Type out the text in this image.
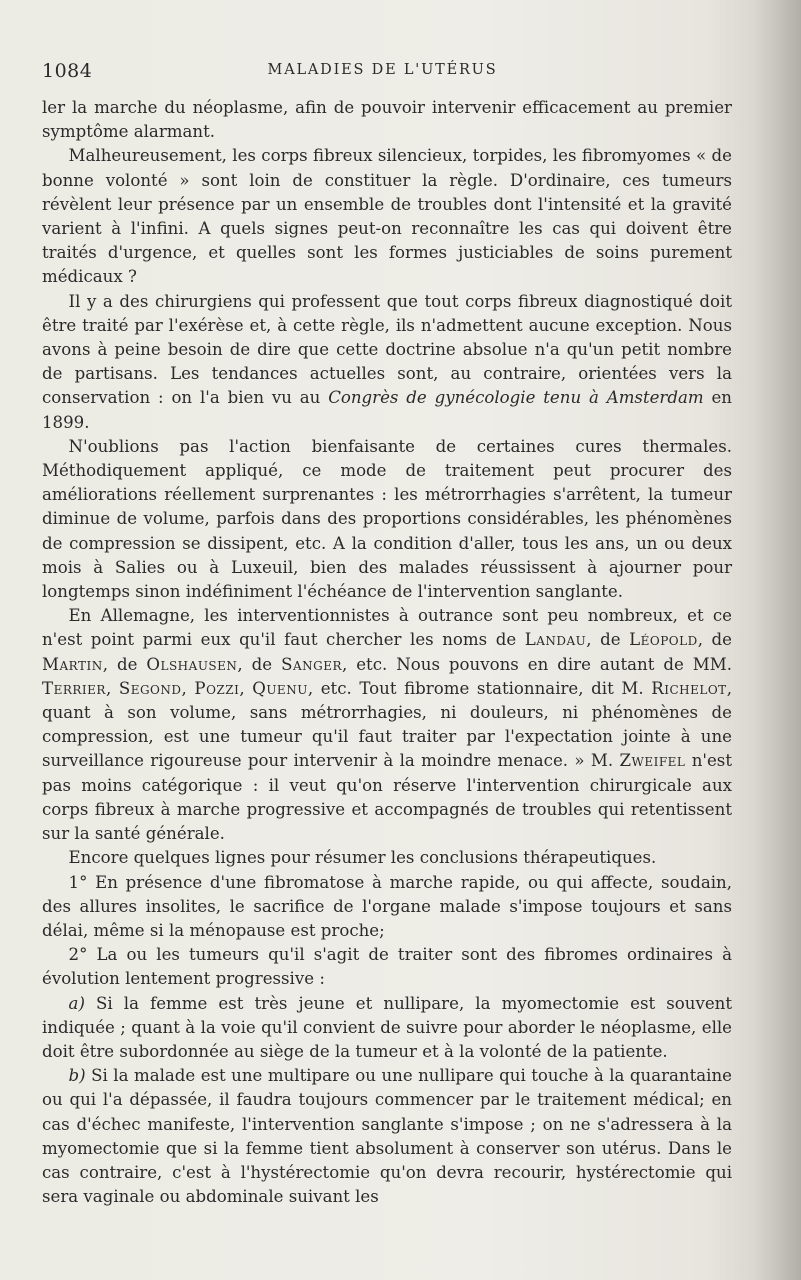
1084	MALADIES DE L'UTÉRUS

ler la marche du néoplasme, afin de pouvoir intervenir efficacement au premier symptôme alarmant.

Malheureusement, les corps fibreux silencieux, torpides, les fibromyomes « de bonne volonté » sont loin de constituer la règle. D'ordinaire, ces tumeurs révèlent leur présence par un ensemble de troubles dont l'intensité et la gravité varient à l'infini. A quels signes peut-on reconnaître les cas qui doivent être traités d'urgence, et quelles sont les formes justiciables de soins purement médicaux ?

Il y a des chirurgiens qui professent que tout corps fibreux diagnostiqué doit être traité par l'exérèse et, à cette règle, ils n'admettent aucune exception. Nous avons à peine besoin de dire que cette doctrine absolue n'a qu'un petit nombre de partisans. Les tendances actuelles sont, au contraire, orientées vers la conservation : on l'a bien vu au Congrès de gynécologie tenu à Amsterdam en 1899.

N'oublions pas l'action bienfaisante de certaines cures thermales. Méthodiquement appliqué, ce mode de traitement peut procurer des améliorations réellement surprenantes : les métrorrhagies s'arrêtent, la tumeur diminue de volume, parfois dans des proportions considérables, les phénomènes de compression se dissipent, etc. A la condition d'aller, tous les ans, un ou deux mois à Salies ou à Luxeuil, bien des malades réussissent à ajourner pour longtemps sinon indéfiniment l'échéance de l'intervention sanglante.

En Allemagne, les interventionnistes à outrance sont peu nombreux, et ce n'est point parmi eux qu'il faut chercher les noms de Landau, de Léopold, de Martin, de Olshausen, de Sanger, etc. Nous pouvons en dire autant de MM. Terrier, Segond, Pozzi, Quenu, etc. Tout fibrome stationnaire, dit M. Richelot, quant à son volume, sans métrorrhagies, ni douleurs, ni phénomènes de compression, est une tumeur qu'il faut traiter par l'expectation jointe à une surveillance rigoureuse pour intervenir à la moindre menace. » M. Zweifel n'est pas moins catégorique : il veut qu'on réserve l'intervention chirurgicale aux corps fibreux à marche progressive et accompagnés de troubles qui retentissent sur la santé générale.

Encore quelques lignes pour résumer les conclusions thérapeutiques.

1° En présence d'une fibromatose à marche rapide, ou qui affecte, soudain, des allures insolites, le sacrifice de l'organe malade s'impose toujours et sans délai, même si la ménopause est proche;

2° La ou les tumeurs qu'il s'agit de traiter sont des fibromes ordinaires à évolution lentement progressive :

a) Si la femme est très jeune et nullipare, la myomectomie est souvent indiquée ; quant à la voie qu'il convient de suivre pour aborder le néoplasme, elle doit être subordonnée au siège de la tumeur et à la volonté de la patiente.

b) Si la malade est une multipare ou une nullipare qui touche à la quarantaine ou qui l'a dépassée, il faudra toujours commencer par le traitement médical; en cas d'échec manifeste, l'intervention sanglante s'impose ; on ne s'adressera à la myomectomie que si la femme tient absolument à conserver son utérus. Dans le cas contraire, c'est à l'hystérectomie qu'on devra recourir, hystérectomie qui sera vaginale ou abdominale suivant les
